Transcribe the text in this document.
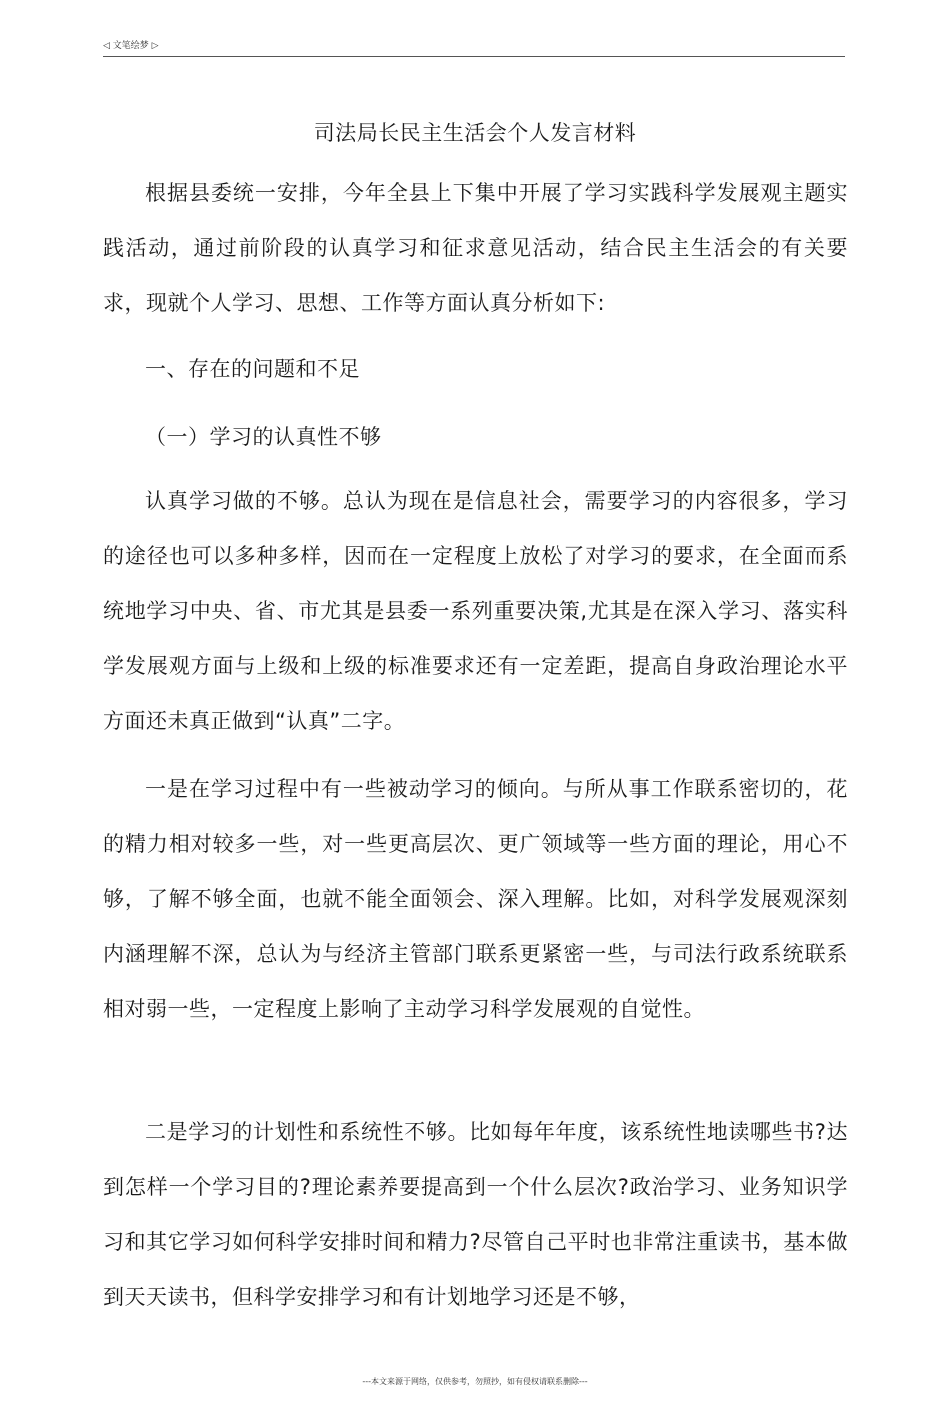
◁ 文笔绘梦 ▷
司法局长民主生活会个人发言材料

根据县委统一安排，今年全县上下集中开展了学习实践科学发展观主题实践活动，通过前阶段的认真学习和征求意见活动，结合民主生活会的有关要求，现就个人学习、思想、工作等方面认真分析如下:

一、存在的问题和不足

（一）学习的认真性不够

认真学习做的不够。总认为现在是信息社会，需要学习的内容很多，学习的途径也可以多种多样，因而在一定程度上放松了对学习的要求，在全面而系统地学习中央、省、市尤其是县委一系列重要决策,尤其是在深入学习、落实科学发展观方面与上级和上级的标准要求还有一定差距，提高自身政治理论水平方面还未真正做到“认真”二字。

一是在学习过程中有一些被动学习的倾向。与所从事工作联系密切的，花的精力相对较多一些，对一些更高层次、更广领域等一些方面的理论，用心不够，了解不够全面，也就不能全面领会、深入理解。比如，对科学发展观深刻内涵理解不深，总认为与经济主管部门联系更紧密一些，与司法行政系统联系相对弱一些，一定程度上影响了主动学习科学发展观的自觉性。

二是学习的计划性和系统性不够。比如每年年度，该系统性地读哪些书?达到怎样一个学习目的?理论素养要提高到一个什么层次?政治学习、业务知识学习和其它学习如何科学安排时间和精力?尽管自己平时也非常注重读书，基本做到天天读书，但科学安排学习和有计划地学习还是不够，

---本文来源于网络，仅供参考，勿照抄，如有侵权请联系删除---
